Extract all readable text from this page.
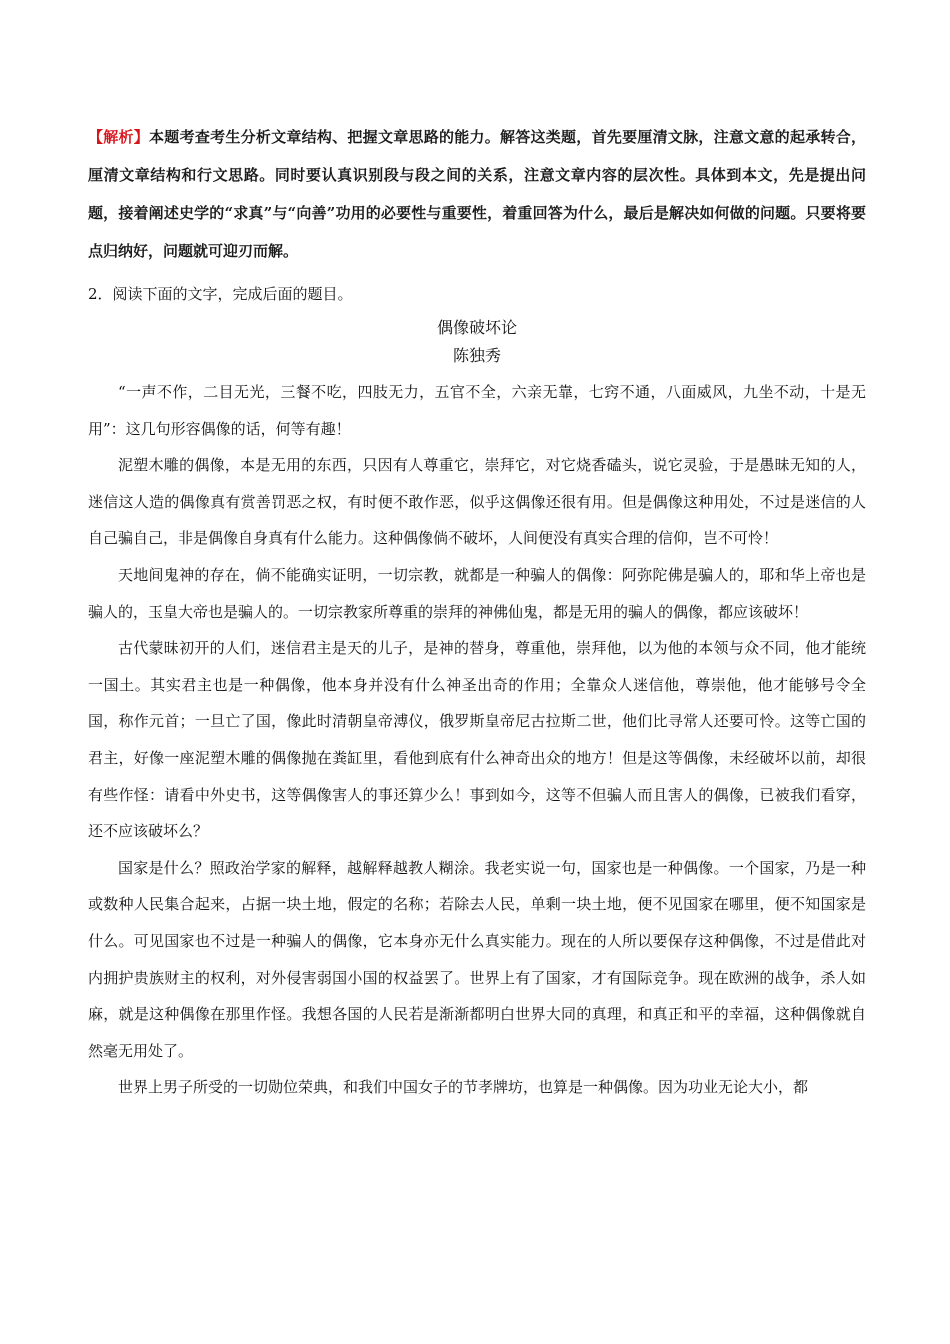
【解析】本题考查考生分析文章结构、把握文章思路的能力。解答这类题，首先要厘清文脉，注意文意的起承转合，厘清文章结构和行文思路。同时要认真识别段与段之间的关系，注意文章内容的层次性。具体到本文，先是提出问题，接着阐述史学的“求真”与“向善”功用的必要性与重要性，着重回答为什么，最后是解决如何做的问题。只要将要点归纳好，问题就可迎刃而解。

2．阅读下面的文字，完成后面的题目。

偶像破坏论

陈独秀

“一声不作，二目无光，三餐不吃，四肢无力，五官不全，六亲无靠，七窍不通，八面威风，九坐不动，十是无用”：这几句形容偶像的话，何等有趣！

泥塑木雕的偶像，本是无用的东西，只因有人尊重它，崇拜它，对它烧香磕头，说它灵验，于是愚昧无知的人，迷信这人造的偶像真有赏善罚恶之权，有时便不敢作恶，似乎这偶像还很有用。但是偶像这种用处，不过是迷信的人自己骗自己，非是偶像自身真有什么能力。这种偶像倘不破坏，人间便没有真实合理的信仰，岂不可怜！

天地间鬼神的存在，倘不能确实证明，一切宗教，就都是一种骗人的偶像：阿弥陀佛是骗人的，耶和华上帝也是骗人的，玉皇大帝也是骗人的。一切宗教家所尊重的崇拜的神佛仙鬼，都是无用的骗人的偶像，都应该破坏！

古代蒙昧初开的人们，迷信君主是天的儿子，是神的替身，尊重他，崇拜他，以为他的本领与众不同，他才能统一国土。其实君主也是一种偶像，他本身并没有什么神圣出奇的作用；全靠众人迷信他，尊崇他，他才能够号令全国，称作元首；一旦亡了国，像此时清朝皇帝溥仪，俄罗斯皇帝尼古拉斯二世，他们比寻常人还要可怜。这等亡国的君主，好像一座泥塑木雕的偶像抛在粪缸里，看他到底有什么神奇出众的地方！但是这等偶像，未经破坏以前，却很有些作怪：请看中外史书，这等偶像害人的事还算少么！事到如今，这等不但骗人而且害人的偶像，已被我们看穿，还不应该破坏么？

国家是什么？照政治学家的解释，越解释越教人糊涂。我老实说一句，国家也是一种偶像。一个国家，乃是一种或数种人民集合起来，占据一块土地，假定的名称；若除去人民，单剩一块土地，便不见国家在哪里，便不知国家是什么。可见国家也不过是一种骗人的偶像，它本身亦无什么真实能力。现在的人所以要保存这种偶像，不过是借此对内拥护贵族财主的权利，对外侵害弱国小国的权益罢了。世界上有了国家，才有国际竞争。现在欧洲的战争，杀人如麻，就是这种偶像在那里作怪。我想各国的人民若是渐渐都明白世界大同的真理，和真正和平的幸福，这种偶像就自然毫无用处了。

世界上男子所受的一切勋位荣典，和我们中国女子的节孝牌坊，也算是一种偶像。因为功业无论大小，都
